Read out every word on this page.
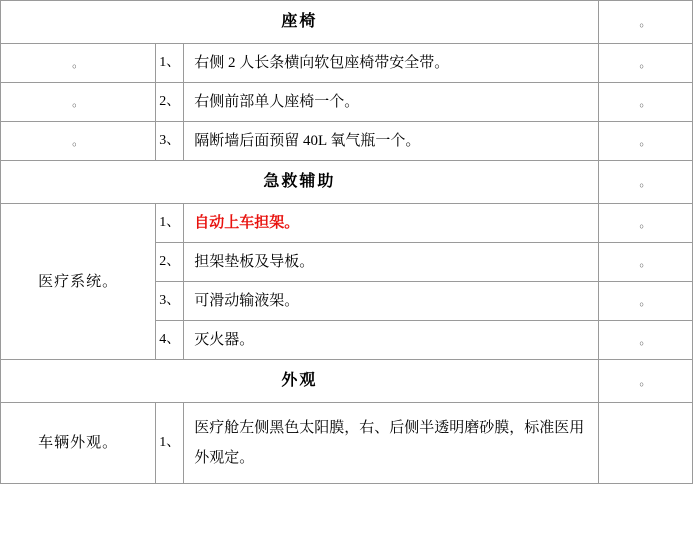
座椅			。

。	1、	右侧 2 人长条横向软包座椅带安全带。	。

。	2、	右侧前部单人座椅一个。	。

。	3、	隔断墙后面预留 40L 氧气瓶一个。	。

急救辅助			。

医疗系统。	1、	自动上车担架。	。

	2、	担架垫板及导板。	。

	3、	可滑动输液架。	。

	4、	灭火器。	。

外观			。

车辆外观。	1、	医疗舱左侧黑色太阳膜，右、后侧半透明磨砂膜，标准医用外观定。	
